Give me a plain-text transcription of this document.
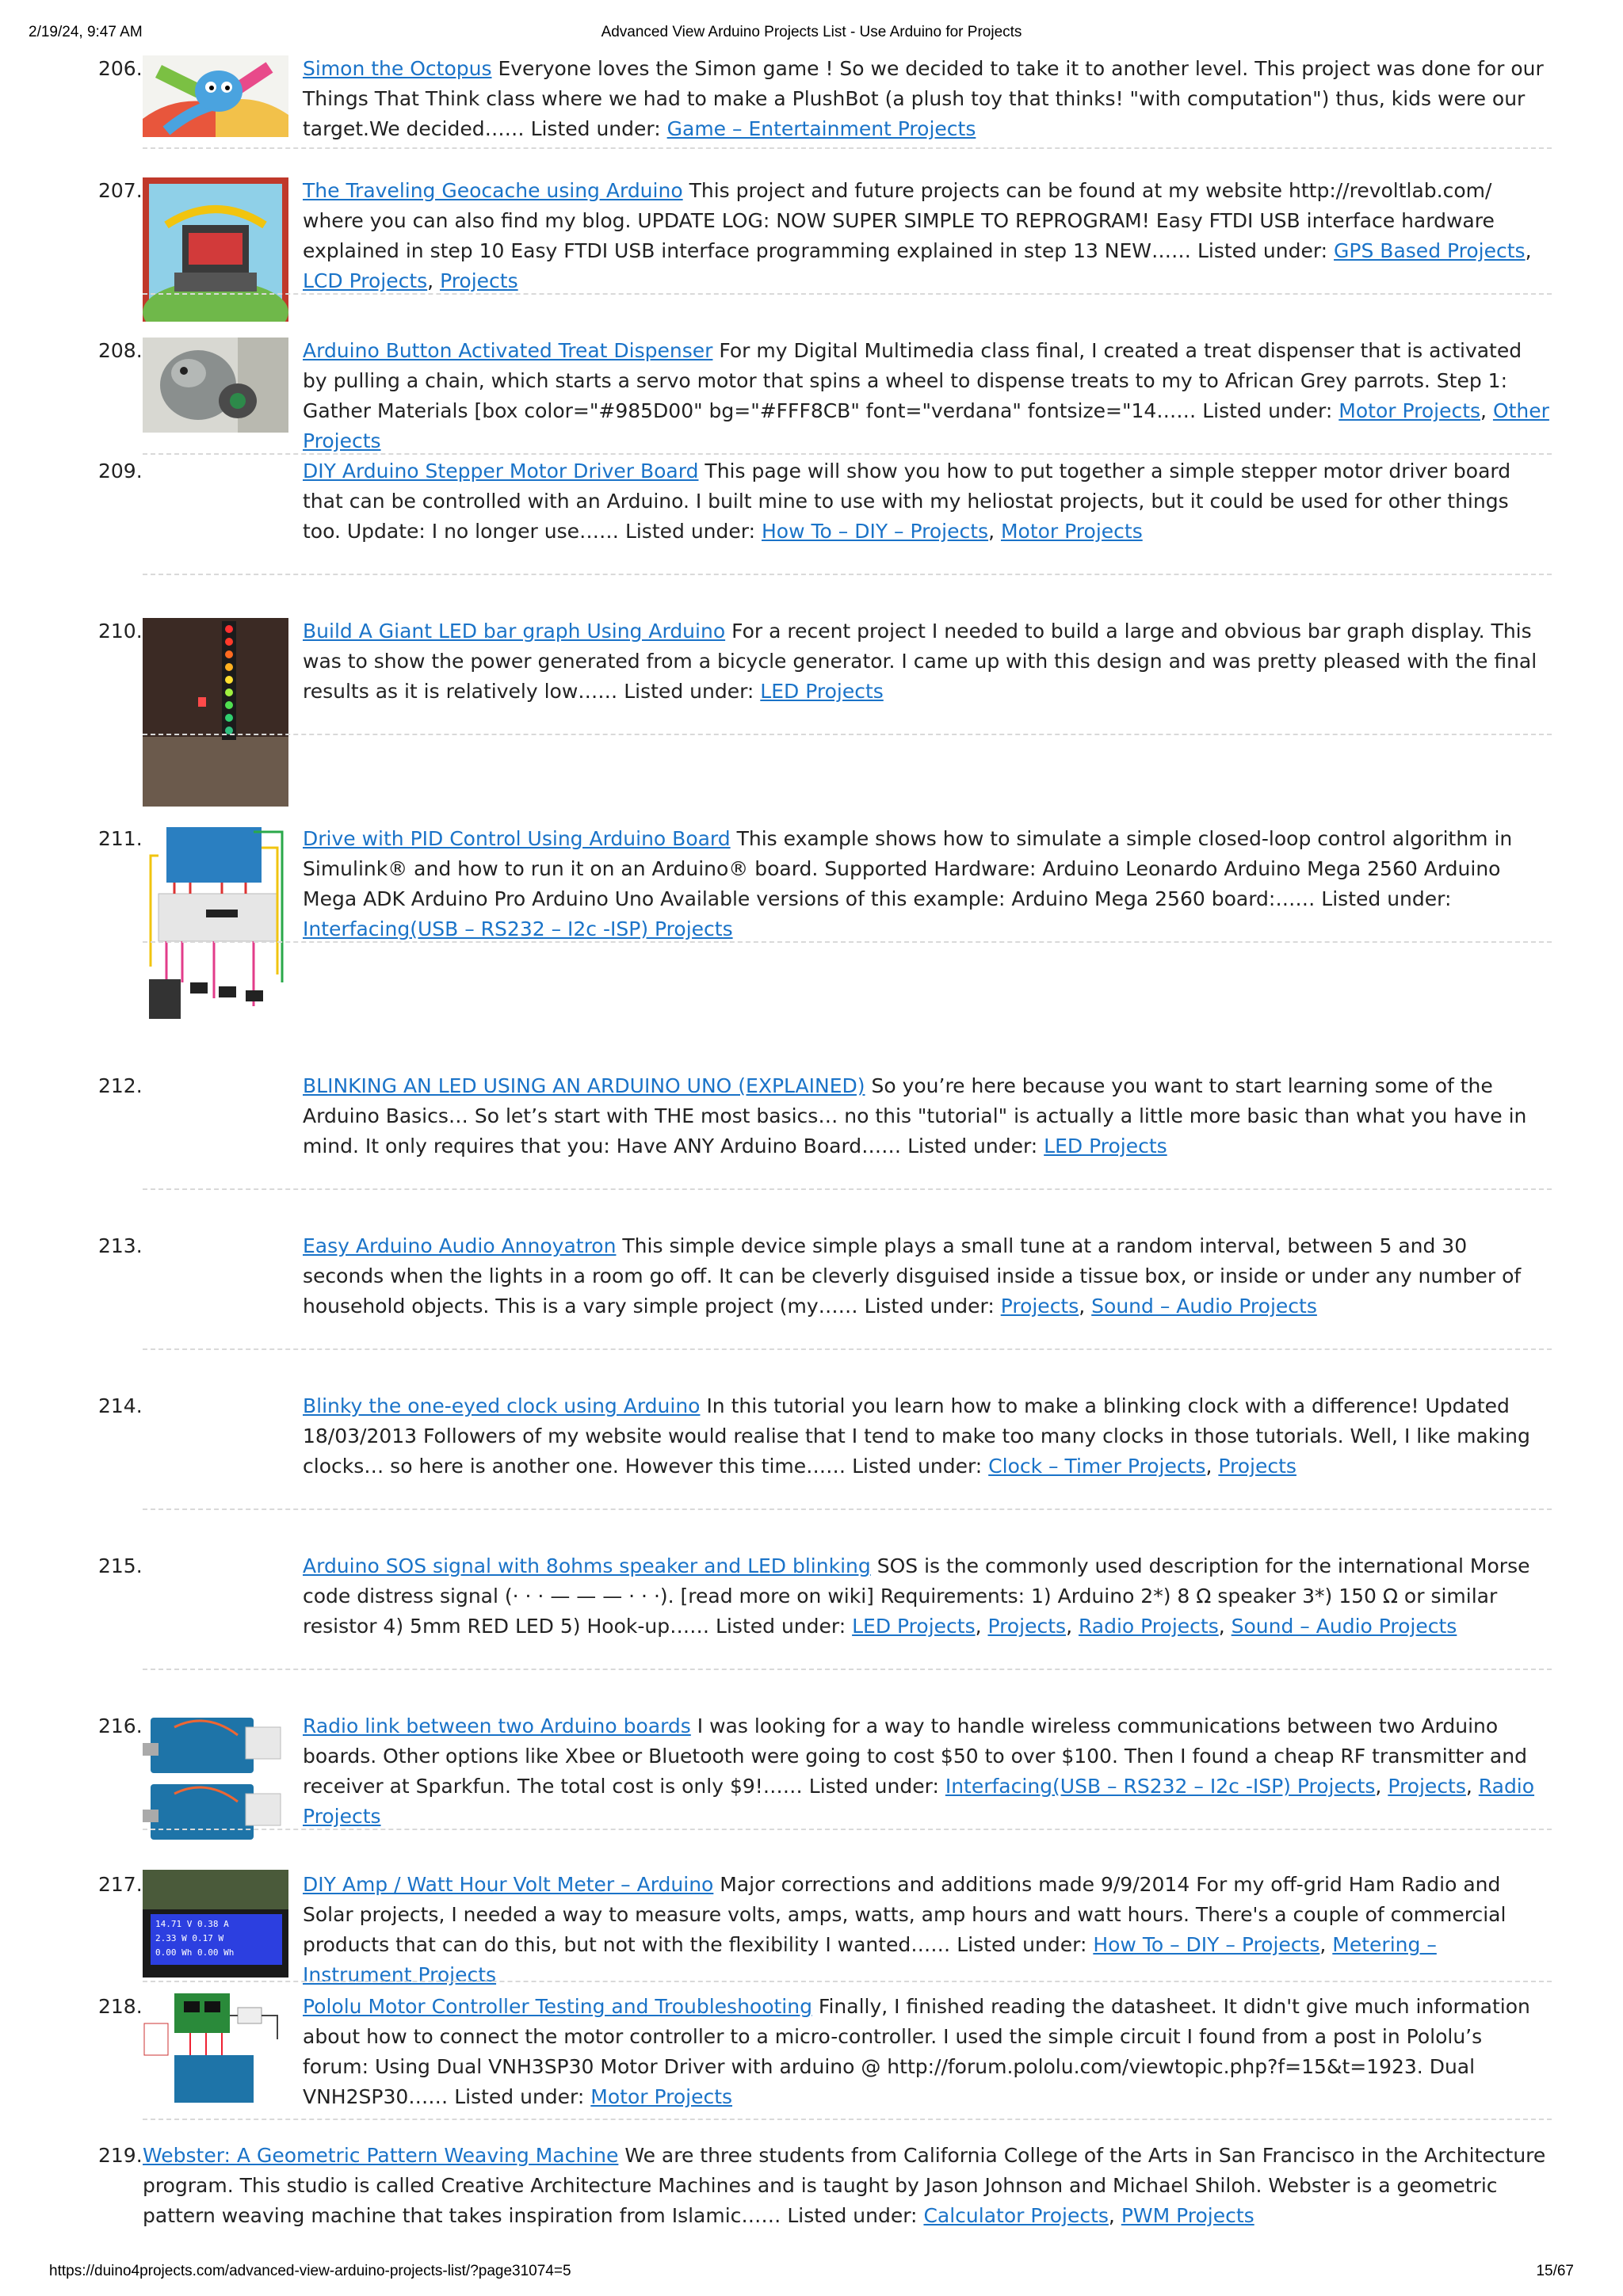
2/19/24, 9:47 AM	Advanced View Arduino Projects List - Use Arduino for Projects
206.	Simon the Octopus Everyone loves the Simon game ! So we decided to take it to another level. This project was done for our Things That Think class where we had to make a PlushBot (a plush toy that thinks! "with computation") thus, kids were our target.We decided…… Listed under: Game – Entertainment Projects
207.	The Traveling Geocache using Arduino This project and future projects can be found at my website http://revoltlab.com/ where you can also find my blog. UPDATE LOG: NOW SUPER SIMPLE TO REPROGRAM! Easy FTDI USB interface hardware explained in step 10 Easy FTDI USB interface programming explained in step 13 NEW…… Listed under: GPS Based Projects, LCD Projects, Projects
208.	Arduino Button Activated Treat Dispenser For my Digital Multimedia class final, I created a treat dispenser that is activated by pulling a chain, which starts a servo motor that spins a wheel to dispense treats to my to African Grey parrots. Step 1: Gather Materials [box color="#985D00" bg="#FFF8CB" font="verdana" fontsize="14…… Listed under: Motor Projects, Other Projects
209.	DIY Arduino Stepper Motor Driver Board This page will show you how to put together a simple stepper motor driver board that can be controlled with an Arduino. I built mine to use with my heliostat projects, but it could be used for other things too. Update: I no longer use…… Listed under: How To – DIY – Projects, Motor Projects
210.	Build A Giant LED bar graph Using Arduino For a recent project I needed to build a large and obvious bar graph display. This was to show the power generated from a bicycle generator. I came up with this design and was pretty pleased with the final results as it is relatively low…… Listed under: LED Projects
211.	Drive with PID Control Using Arduino Board This example shows how to simulate a simple closed-loop control algorithm in Simulink® and how to run it on an Arduino® board. Supported Hardware: Arduino Leonardo Arduino Mega 2560 Arduino Mega ADK Arduino Pro Arduino Uno Available versions of this example: Arduino Mega 2560 board:…… Listed under: Interfacing(USB – RS232 – I2c -ISP) Projects
212.	BLINKING AN LED USING AN ARDUINO UNO (EXPLAINED) So you’re here because you want to start learning some of the Arduino Basics… So let’s start with THE most basics… no this "tutorial" is actually a little more basic than what you have in mind. It only requires that you: Have ANY Arduino Board…… Listed under: LED Projects
213.	Easy Arduino Audio Annoyatron This simple device simple plays a small tune at a random interval, between 5 and 30 seconds when the lights in a room go off. It can be cleverly disguised inside a tissue box, or inside or under any number of household objects. This is a vary simple project (my…… Listed under: Projects, Sound – Audio Projects
214.	Blinky the one-eyed clock using Arduino In this tutorial you learn how to make a blinking clock with a difference! Updated 18/03/2013 Followers of my website would realise that I tend to make too many clocks in those tutorials. Well, I like making clocks… so here is another one. However this time…… Listed under: Clock – Timer Projects, Projects
215.	Arduino SOS signal with 8ohms speaker and LED blinking SOS is the commonly used description for the international Morse code distress signal (· · · — — — · · ·). [read more on wiki] Requirements: 1) Arduino 2*) 8 Ω speaker 3*) 150 Ω or similar resistor 4) 5mm RED LED 5) Hook-up…… Listed under: LED Projects, Projects, Radio Projects, Sound – Audio Projects
216.	Radio link between two Arduino boards I was looking for a way to handle wireless communications between two Arduino boards. Other options like Xbee or Bluetooth were going to cost $50 to over $100. Then I found a cheap RF transmitter and receiver at Sparkfun. The total cost is only $9!…… Listed under: Interfacing(USB – RS232 – I2c -ISP) Projects, Projects, Radio Projects
217.
14.71 V 0.38 A
2.33 W 0.17 W
0.00 Wh 0.00 Wh
DIY Amp / Watt Hour Volt Meter – Arduino Major corrections and additions made 9/9/2014 For my off-grid Ham Radio and Solar projects, I needed a way to measure volts, amps, watts, amp hours and watt hours. There's a couple of commercial products that can do this, but not with the flexibility I wanted…… Listed under: How To – DIY – Projects, Metering – Instrument Projects
218.	Pololu Motor Controller Testing and Troubleshooting Finally, I finished reading the datasheet. It didn't give much information about how to connect the motor controller to a micro-controller. I used the simple circuit I found from a post in Pololu’s forum: Using Dual VNH3SP30 Motor Driver with arduino @ http://forum.pololu.com/viewtopic.php?f=15&t=1923. Dual VNH2SP30…… Listed under: Motor Projects
219. Webster: A Geometric Pattern Weaving Machine We are three students from California College of the Arts in San Francisco in the Architecture program. This studio is called Creative Architecture Machines and is taught by Jason Johnson and Michael Shiloh. Webster is a geometric pattern weaving machine that takes inspiration from Islamic…… Listed under: Calculator Projects, PWM Projects
https://duino4projects.com/advanced-view-arduino-projects-list/?page31074=5	15/67
